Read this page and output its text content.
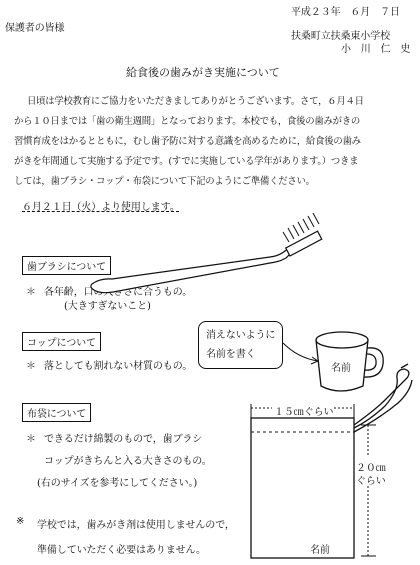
保護者の皆様
平成２３年　６月　７日
扶桑町立扶桑東小学校
小　川　仁　史
給食後の歯みがき実施について
日頃は学校教育にご協力をいただきましてありがとうございます。さて，６月４日
から１０日までは「歯の衛生週間」となっております。本校でも，食後の歯みがきの
習慣育成をはかるとともに，むし歯予防に対する意識を高めるために，給食後の歯み
がきを年間通して実施する予定です。(すでに実施している学年があります。）つきま
しては，歯ブラシ・コップ・布袋について下記のようにご準備ください。
６月２１日（火）より使用します。
歯ブラシについて
＊ 各年齢，口の大きさに合うもの。
(大きすぎないこと)
コップについて
＊ 落としても割れない材質のもの。
布袋について
＊ できるだけ綿製のもので，歯ブラシ
コップがきちんと入る大きさのもの。
(右のサイズを参考にしてください。)
※ 学校では，歯みがき剤は使用しませんので，
準備していただく必要はありません。
消えないように
名前を書く
名前
１５㎝ぐらい
２０㎝
ぐらい
名前
